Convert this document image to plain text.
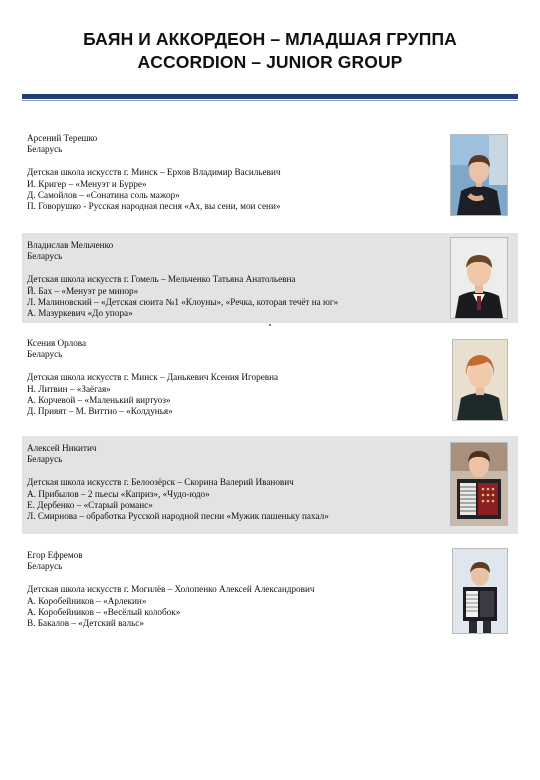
БАЯН И АККОРДЕОН – МЛАДШАЯ ГРУППА
ACCORDION – JUNIOR GROUP
Арсений Терешко
Беларусь
Детская школа искусств г. Минск – Ерхов Владимир Васильевич
И. Кригер – «Менуэт и Бурре»
Д. Самойлов – «Сонатина соль мажор»
П. Говорушко - Русская народная песня «Ах, вы сени, мои сени»
Владислав Мельченко
Беларусь
Детская школа искусств г. Гомель – Мельченко Татьяна Анатольевна
Й. Бах – «Менуэт ре минор»
Л. Малиновский – «Детская сюита №1 «Клоуны», «Речка, которая течёт на юг»
А. Мазуркевич «До упора»
Ксения Орлова
Беларусь
Детская школа искусств г. Минск – Данькевич Ксения Игоревна
Н. Литвин – «Заёгая»
А. Корчевой – «Маленький виртуоз»
Д. Прияят – М. Виттио – «Колдунья»
Алексей Никитич
Беларусь
Детская школа искусств г. Белоозёрск – Скорина Валерий Иванович
А. Прибылов – 2 пьесы «Каприз», «Чудо-юдо»
Е. Дербенко – «Старый романс»
Л. Смирнова – обработка Русской народной песни «Мужик пашеньку пахал»
Егор Ефремов
Беларусь
Детская школа искусств г. Могилёв – Холопенко Алексей Александрович
А. Коробейников – «Арлекин»
А. Коробейников – «Весёлый колобок»
В. Бакалов – «Детский вальс»
